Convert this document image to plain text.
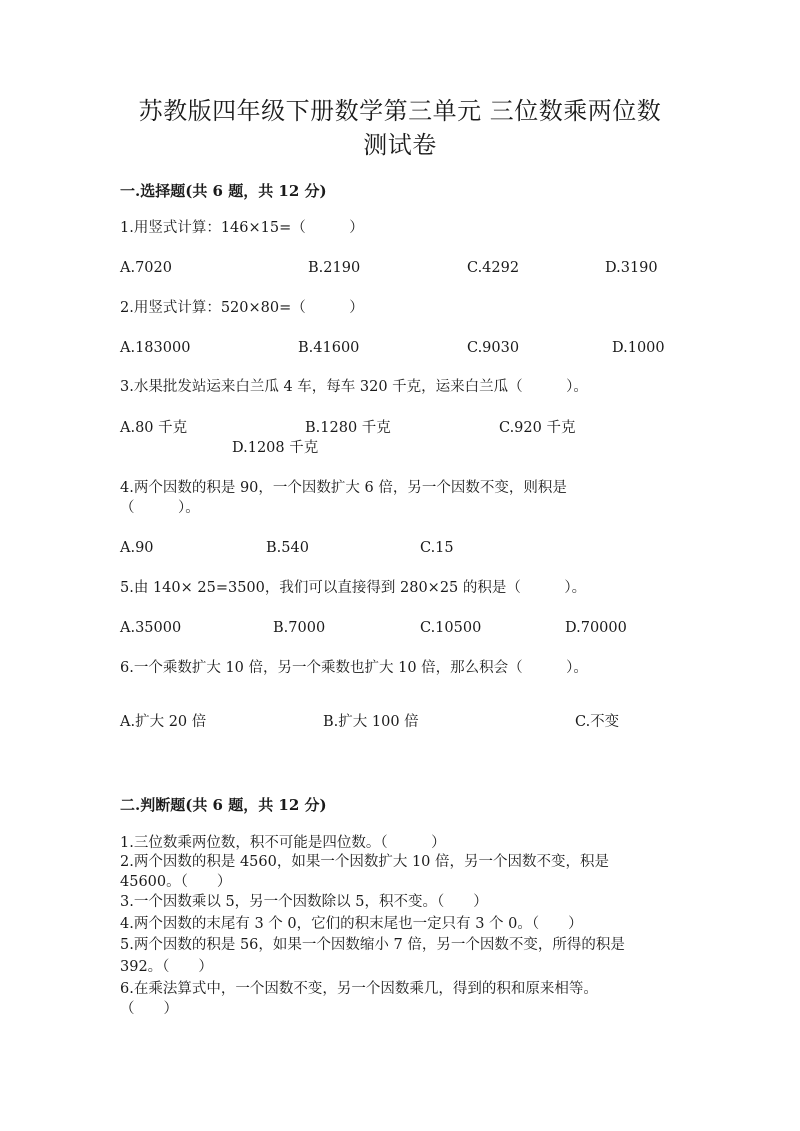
苏教版四年级下册数学第三单元 三位数乘两位数
测试卷
一.选择题(共 6 题，共 12 分)
1.用竖式计算：146×15=（　　　）
A.7020	B.2190	C.4292	D.3190
2.用竖式计算：520×80=（　　　）
A.183000	B.41600	C.9030	D.1000
3.水果批发站运来白兰瓜 4 车，每车 320 千克，运来白兰瓜（　　　）。
A.80 千克	B.1280 千克	C.920 千克
D.1208 千克
4.两个因数的积是 90，一个因数扩大 6 倍，另一个因数不变，则积是
（　　　）。
A.90	B.540	C.15
5.由 140× 25=3500，我们可以直接得到 280×25 的积是（　　　）。
A.35000	B.7000	C.10500	D.70000
6.一个乘数扩大 10 倍，另一个乘数也扩大 10 倍，那么积会（　　　）。
A.扩大 20 倍	B.扩大 100 倍	C.不变
二.判断题(共 6 题，共 12 分)
1.三位数乘两位数，积不可能是四位数。（　　　）
2.两个因数的积是 4560，如果一个因数扩大 10 倍，另一个因数不变，积是
45600。（　　）
3.一个因数乘以 5，另一个因数除以 5，积不变。（　　）
4.两个因数的末尾有 3 个 0，它们的积末尾也一定只有 3 个 0。（　　）
5.两个因数的积是 56，如果一个因数缩小 7 倍，另一个因数不变，所得的积是
392。（　　）
6.在乘法算式中，一个因数不变，另一个因数乘几，得到的积和原来相等。
（　　）
